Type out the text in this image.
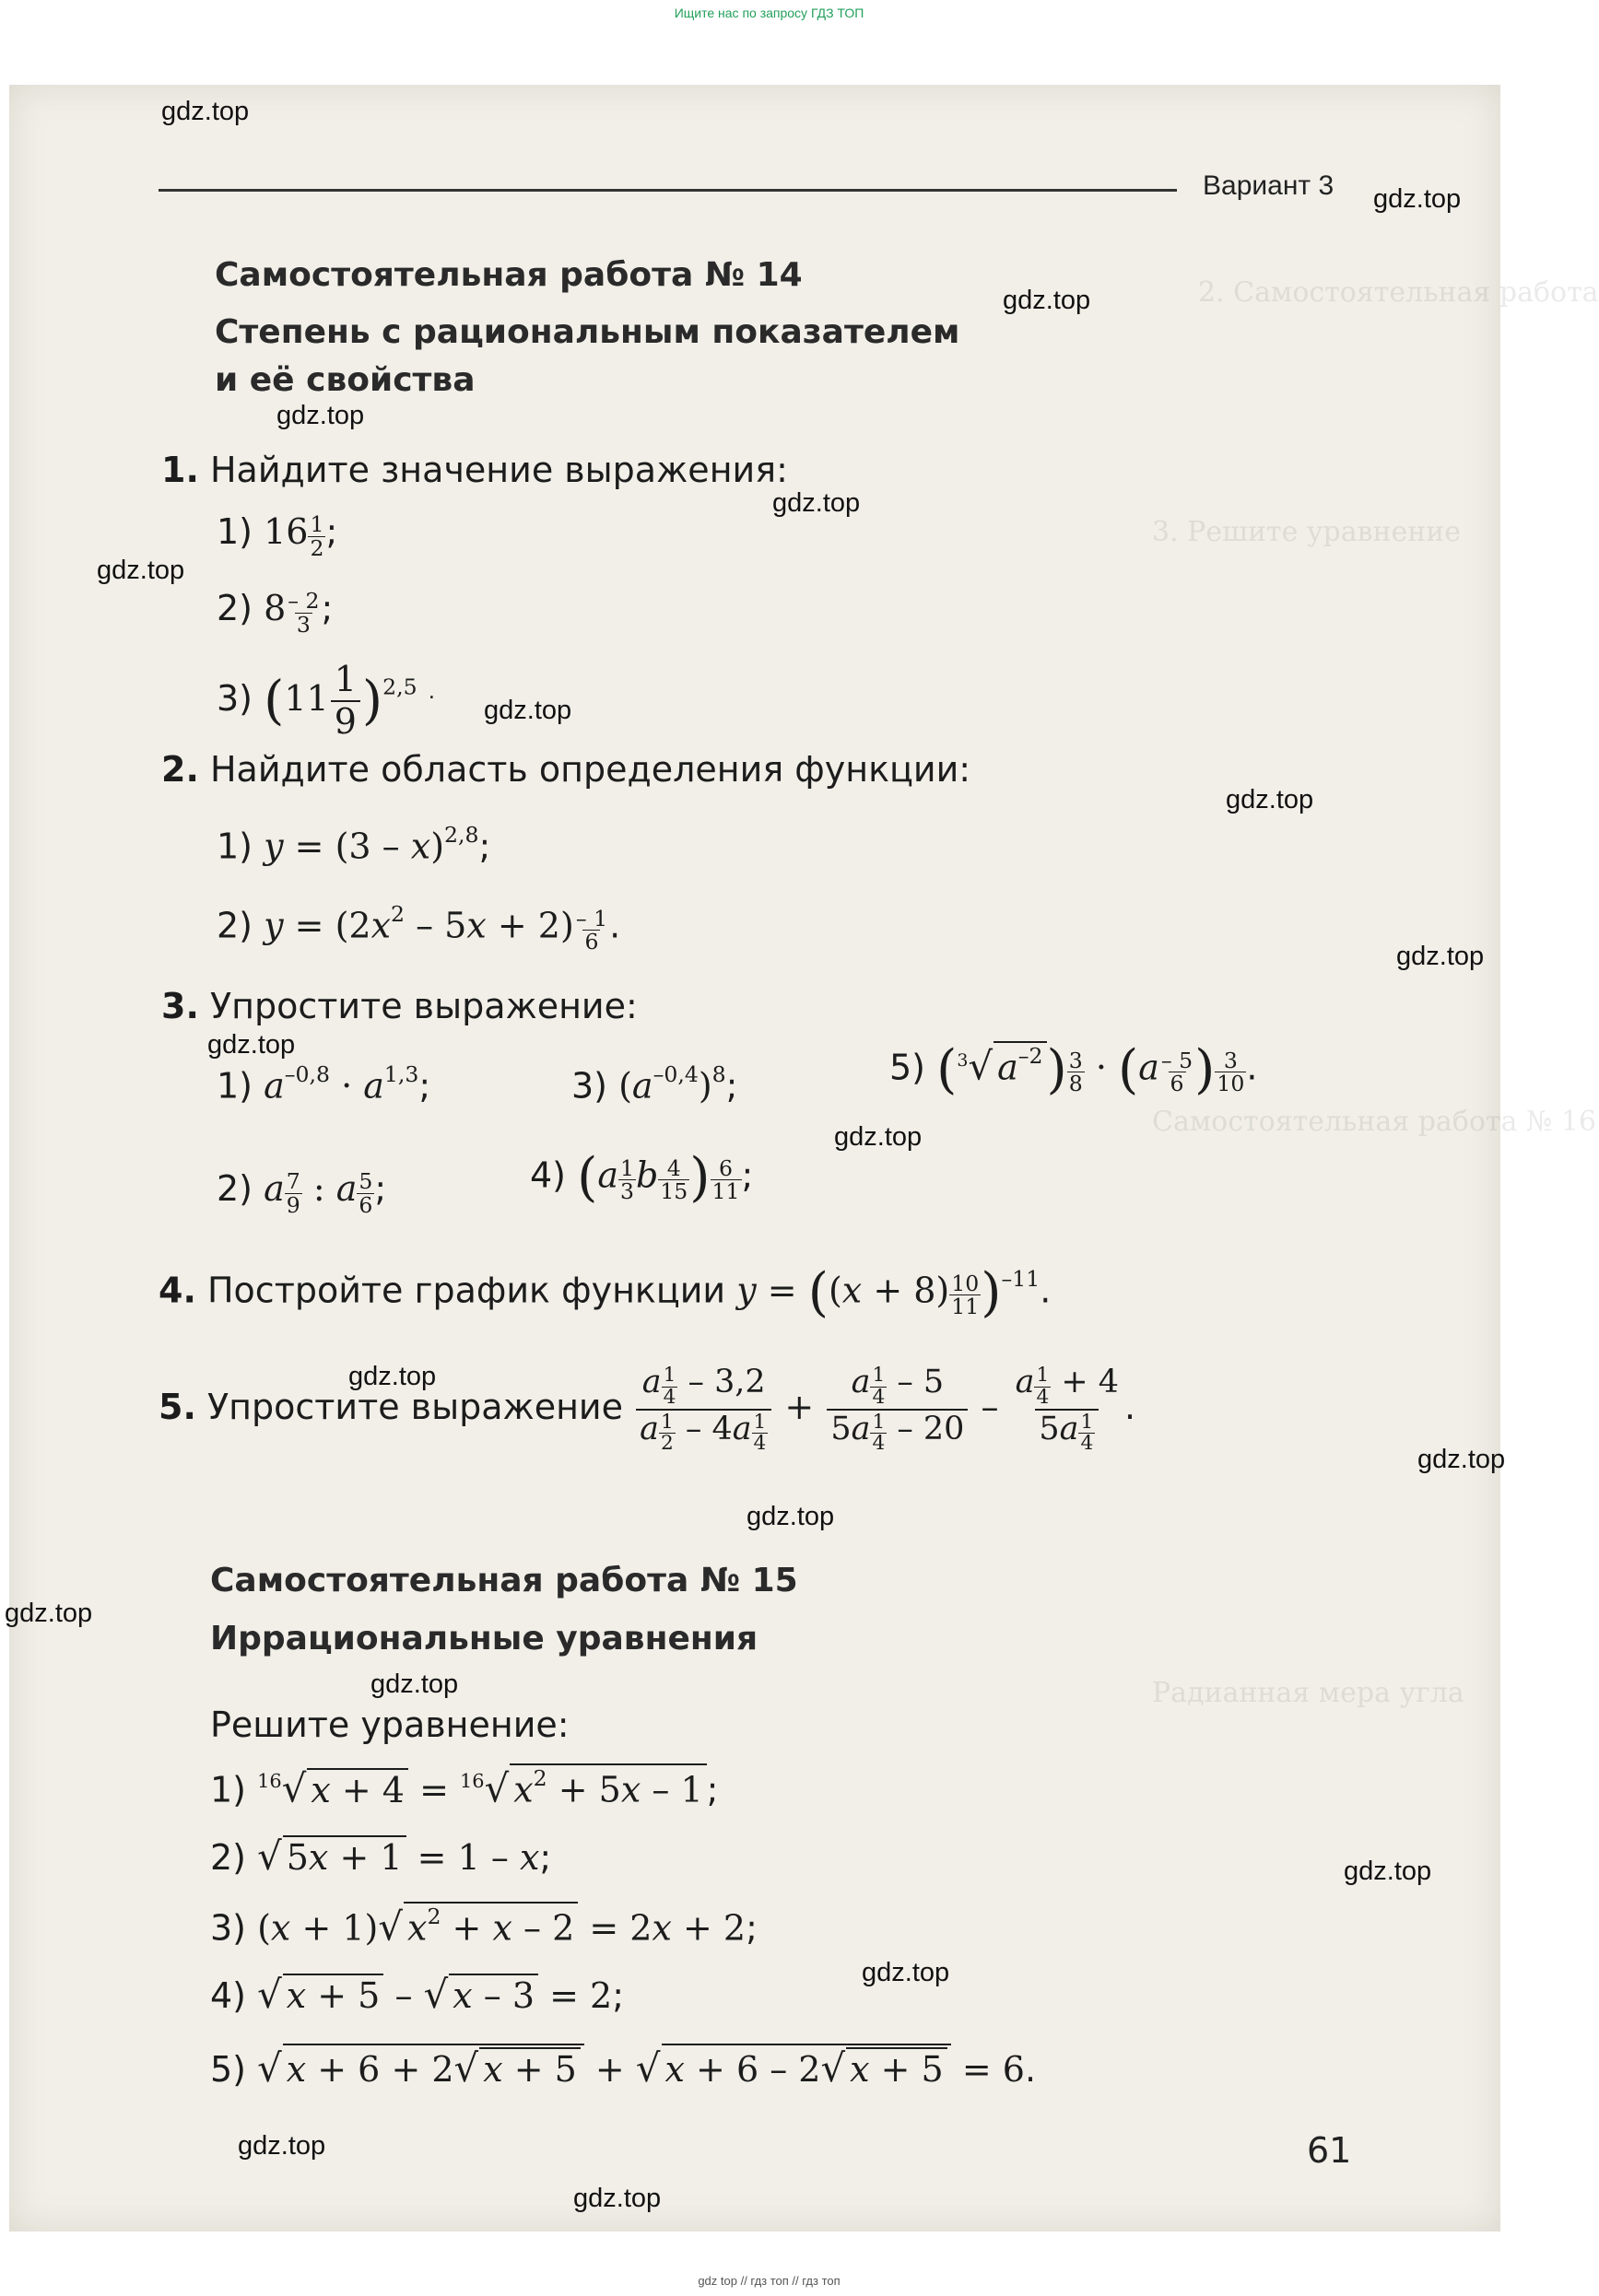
Ищите нас по запросу ГДЗ ТОП
2. Самостоятельная работа
3. Решите уравнение
Самостоятельная работа № 16
Радианная мера угла
Вариант 3
Самостоятельная работа № 14
Степень с рациональным показателем
и её свойства
1. Найдите значение выражения:
1) $16 \frac{1}{2}$ ;
2) $8 \frac{- 2}{3}$ ;
3) $(11 \frac{1}{9} )^{2,5}$ ·
2. Найдите область определения функции:
1) y = (3 – x)$^{2,8}$;
2) $y = (2x^2 - 5x + 2) \frac{- 1}{6}$ .
3. Упростите выражение:
1) $a^{-0,8} \cdot a^{1,3}$;	3) $(a^{-0,4})^8$;	5) ($^3$√ $a^{-2}) \frac{3}{8} \cdot (a \frac{- 5}{6}$ ) $\frac{3}{10}$ .
2) a $\frac{7}{9}$ : a $\frac{5}{6}$ ;	4) ($a \frac{1}{3}$ b $\frac{4}{15}$ ) $\frac{6}{11}$ ;
4. Постройте график функции $y = ((x + 8) \frac{10}{11} )^{-11}$.
5. Упростите выражение $\frac{a \frac{1}{4} - 3,2}{a \frac{1}{2} - 4a \frac{1}{4}} + \frac{a \frac{1}{4} - 5}{5a \frac{1}{4} - 20} - \frac{a \frac{1}{4} + 4}{5a \frac{1}{4}}$ .
Самостоятельная работа № 15
Иррациональные уравнения
Решите уравнение:
1) $^{16}$√ x + 4 = $^{16}$√ $x^2 + 5x - 1$ ;
2) √ 5x + 1 = 1 – x;
3) (x + 1)√ $x^2 + x - 2 = 2x + 2$;
4) √ x + 5 – √ x – 3 = 2;
5) √ x + 6 + 2√ x + 5 + √ x + 6 – 2√ x + 5 = 6.
61
gdz.top
gdz.top
gdz.top
gdz.top
gdz.top
gdz.top
gdz.top
gdz.top
gdz.top
gdz.top
gdz.top
gdz.top
gdz.top
gdz.top
gdz.top
gdz.top
gdz.top
gdz.top
gdz.top
gdz.top
gdz top // гдз топ // гдз топ
